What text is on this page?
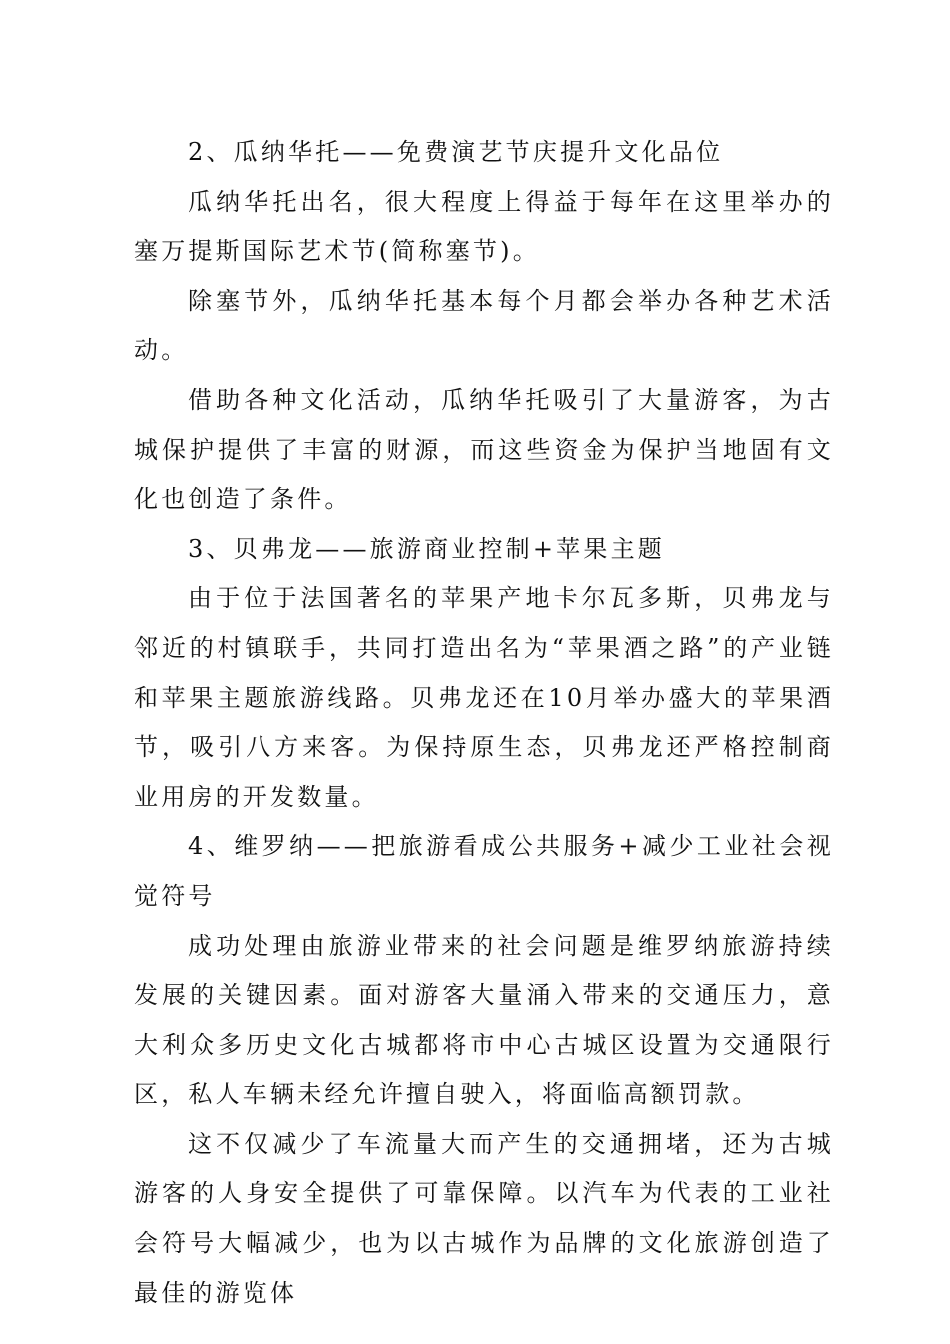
2、瓜纳华托——免费演艺节庆提升文化品位

瓜纳华托出名，很大程度上得益于每年在这里举办的塞万提斯国际艺术节(简称塞节)。

除塞节外，瓜纳华托基本每个月都会举办各种艺术活动。

借助各种文化活动，瓜纳华托吸引了大量游客，为古城保护提供了丰富的财源，而这些资金为保护当地固有文化也创造了条件。

3、贝弗龙——旅游商业控制+苹果主题

由于位于法国著名的苹果产地卡尔瓦多斯，贝弗龙与邻近的村镇联手，共同打造出名为“苹果酒之路”的产业链和苹果主题旅游线路。贝弗龙还在10月举办盛大的苹果酒节，吸引八方来客。为保持原生态，贝弗龙还严格控制商业用房的开发数量。

4、维罗纳——把旅游看成公共服务+减少工业社会视觉符号

成功处理由旅游业带来的社会问题是维罗纳旅游持续发展的关键因素。面对游客大量涌入带来的交通压力，意大利众多历史文化古城都将市中心古城区设置为交通限行区，私人车辆未经允许擅自驶入，将面临高额罚款。

这不仅减少了车流量大而产生的交通拥堵，还为古城游客的人身安全提供了可靠保障。以汽车为代表的工业社会符号大幅减少，也为以古城作为品牌的文化旅游创造了最佳的游览体
